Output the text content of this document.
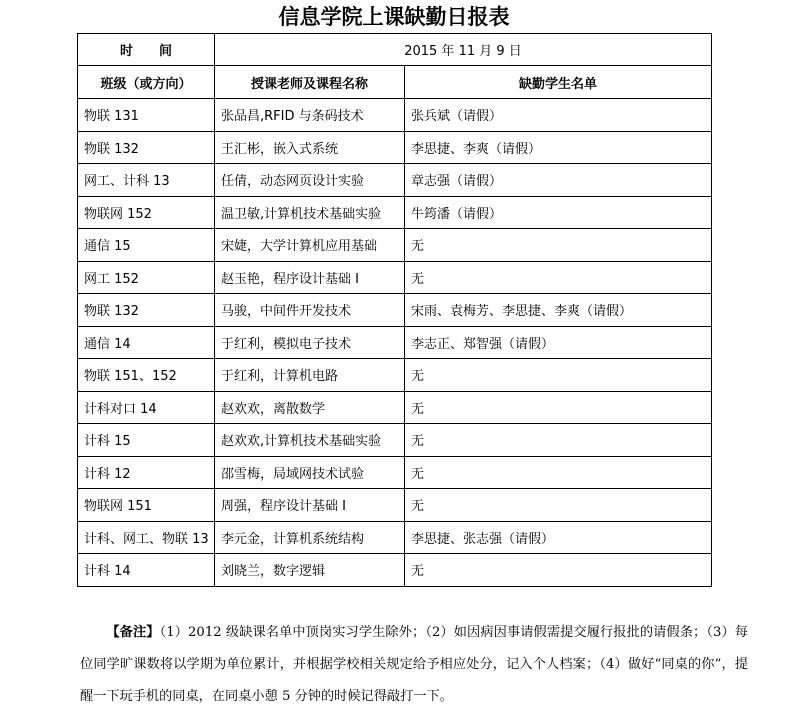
信息学院上课缺勤日报表
时　　间	2015 年 11 月 9 日	
班级（或方向）	授课老师及课程名称	缺勤学生名单
物联 131	张品昌,RFID 与条码技术	张兵斌（请假）
物联 132	王汇彬，嵌入式系统	李思捷、李爽（请假）
网工、计科 13	任倩，动态网页设计实验	章志强（请假）
物联网 152	温卫敏,计算机技术基础实验	牛筠潘（请假）
通信 15	宋婕，大学计算机应用基础	无
网工 152	赵玉艳，程序设计基础 I	无
物联 132	马骏，中间件开发技术	宋雨、袁梅芳、李思捷、李爽（请假）
通信 14	于红利，模拟电子技术	李志正、郑智强（请假）
物联 151、152	于红利，计算机电路	无
计科对口 14	赵欢欢，离散数学	无
计科 15	赵欢欢,计算机技术基础实验	无
计科 12	邵雪梅，局域网技术试验	无
物联网 151	周强，程序设计基础 I	无
计科、网工、物联 13	李元金，计算机系统结构	李思捷、张志强（请假）
计科 14	刘晓兰，数字逻辑	无

【备注】（1）2012 级缺课名单中顶岗实习学生除外；（2）如因病因事请假需提交履行报批的请假条；（3）每位同学旷课数将以学期为单位累计，并根据学校相关规定给予相应处分，记入个人档案；（4）做好“同桌的你”，提醒一下玩手机的同桌，在同桌小憩 5 分钟的时候记得敲打一下。
